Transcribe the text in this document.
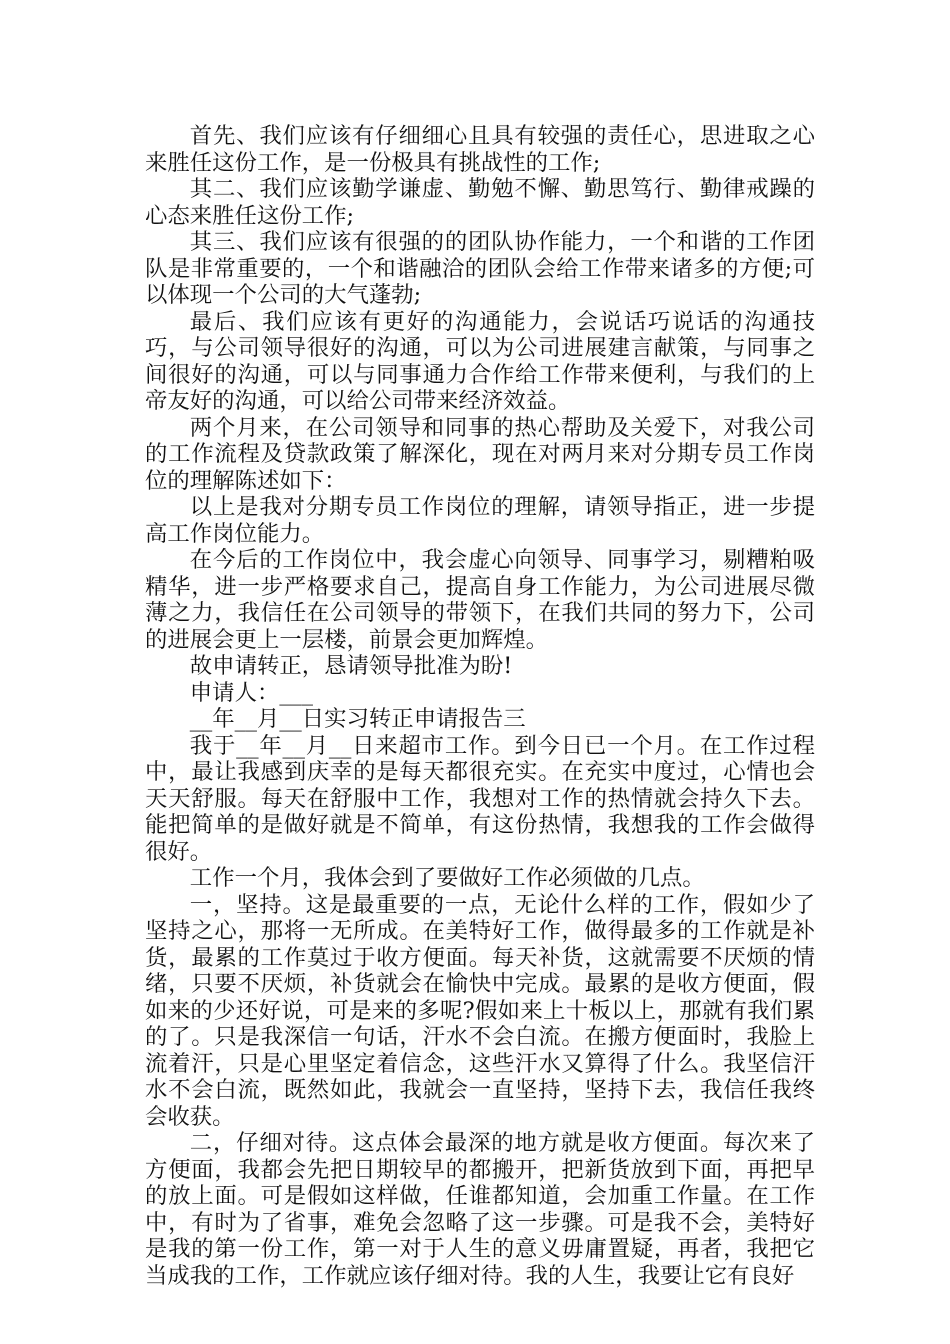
首先、我们应该有仔细细心且具有较强的责任心，思进取之心来胜任这份工作，是一份极具有挑战性的工作;

其二、我们应该勤学谦虚、勤勉不懈、勤思笃行、勤律戒躁的心态来胜任这份工作;

其三、我们应该有很强的的团队协作能力，一个和谐的工作团队是非常重要的，一个和谐融洽的团队会给工作带来诸多的方便;可以体现一个公司的大气蓬勃;

最后、我们应该有更好的沟通能力，会说话巧说话的沟通技巧，与公司领导很好的沟通，可以为公司进展建言献策，与同事之间很好的沟通，可以与同事通力合作给工作带来便利，与我们的上帝友好的沟通，可以给公司带来经济效益。

两个月来，在公司领导和同事的热心帮助及关爱下，对我公司的工作流程及贷款政策了解深化，现在对两月来对分期专员工作岗位的理解陈述如下：

以上是我对分期专员工作岗位的理解，请领导指正，进一步提高工作岗位能力。

在今后的工作岗位中，我会虚心向领导、同事学习，剔糟粕吸精华，进一步严格要求自己，提高自身工作能力，为公司进展尽微薄之力，我信任在公司领导的带领下，在我们共同的努力下，公司的进展会更上一层楼，前景会更加辉煌。

故申请转正，恳请领导批准为盼!

申请人：___

__年__月__日实习转正申请报告三

我于__年__月__日来超市工作。到今日已一个月。在工作过程中，最让我感到庆幸的是每天都很充实。在充实中度过，心情也会天天舒服。每天在舒服中工作，我想对工作的热情就会持久下去。能把简单的是做好就是不简单，有这份热情，我想我的工作会做得很好。

工作一个月，我体会到了要做好工作必须做的几点。

一，坚持。这是最重要的一点，无论什么样的工作，假如少了坚持之心，那将一无所成。在美特好工作，做得最多的工作就是补货，最累的工作莫过于收方便面。每天补货，这就需要不厌烦的情绪，只要不厌烦，补货就会在愉快中完成。最累的是收方便面，假如来的少还好说，可是来的多呢?假如来上十板以上，那就有我们累的了。只是我深信一句话，汗水不会白流。在搬方便面时，我脸上流着汗，只是心里坚定着信念，这些汗水又算得了什么。我坚信汗水不会白流，既然如此，我就会一直坚持，坚持下去，我信任我终会收获。

二，仔细对待。这点体会最深的地方就是收方便面。每次来了方便面，我都会先把日期较早的都搬开，把新货放到下面，再把早的放上面。可是假如这样做，任谁都知道，会加重工作量。在工作中，有时为了省事，难免会忽略了这一步骤。可是我不会，美特好是我的第一份工作，第一对于人生的意义毋庸置疑，再者，我把它当成我的工作，工作就应该仔细对待。我的人生，我要让它有良好
